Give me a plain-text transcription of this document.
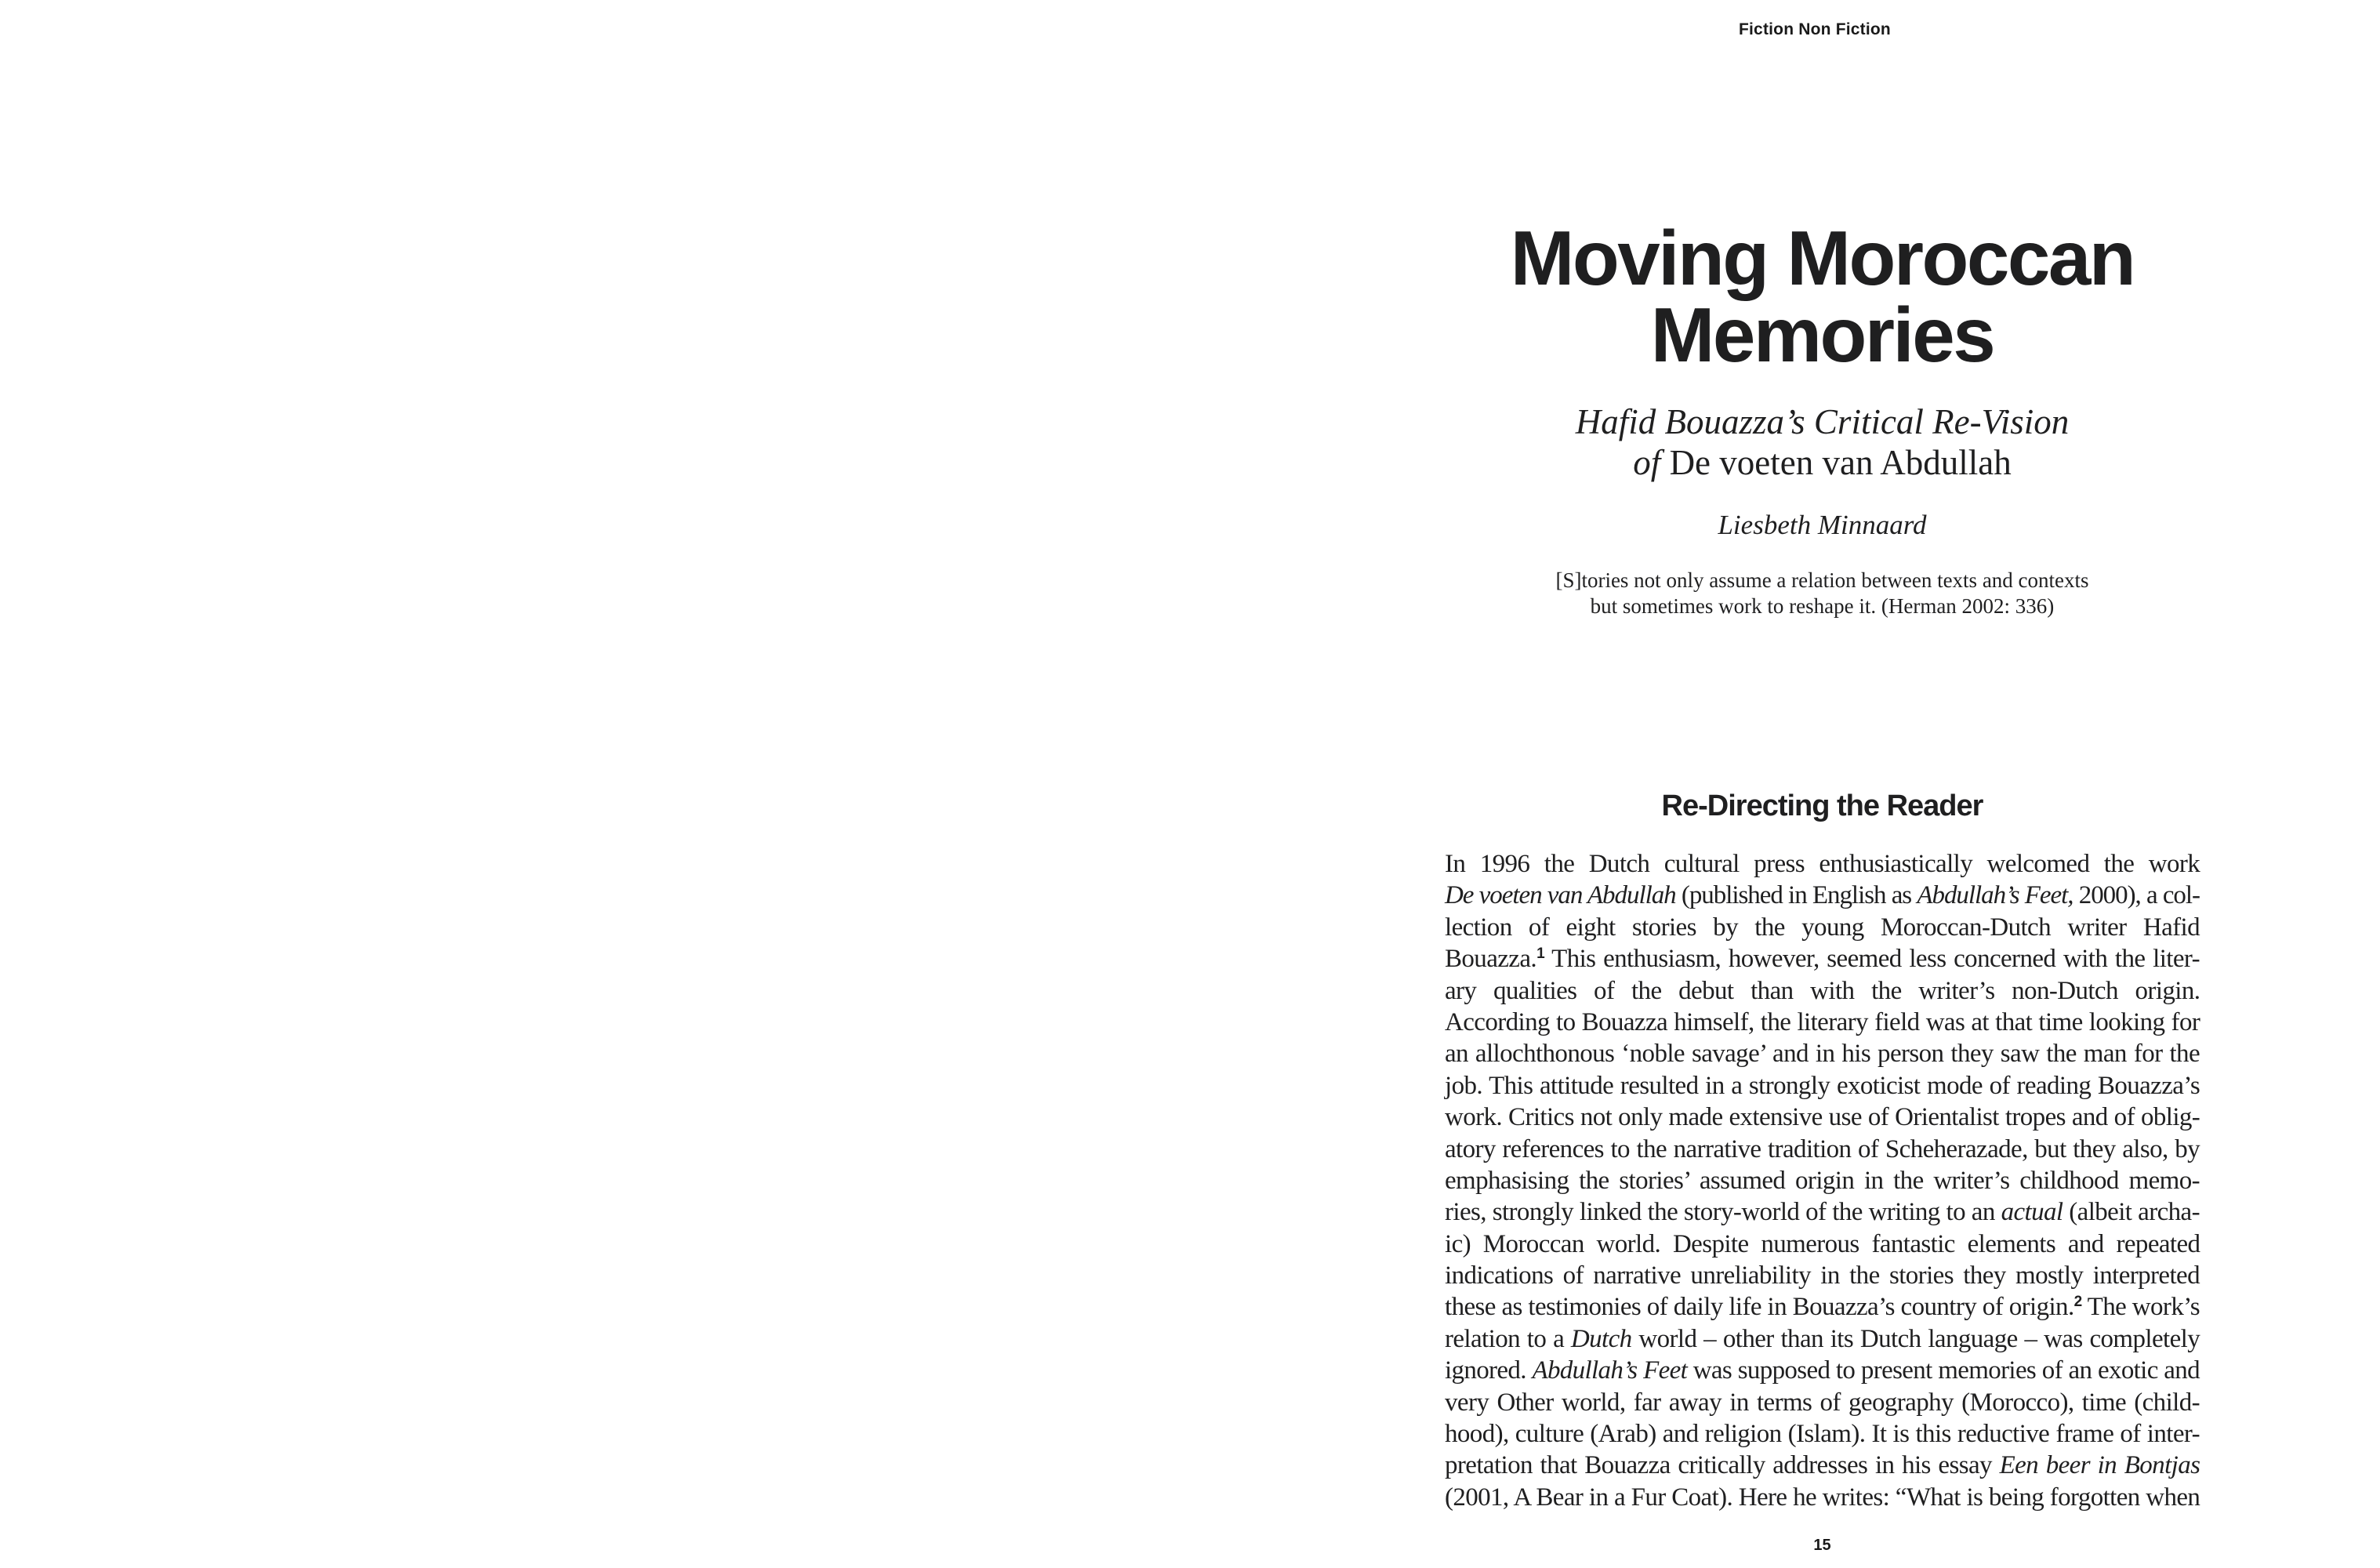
Fiction Non Fiction
Moving Moroccan
Memories
Hafid Bouazza’s Critical Re-Vision
of De voeten van Abdullah
Liesbeth Minnaard
[S]tories not only assume a relation between texts and contexts
but sometimes work to reshape it. (Herman 2002: 336)
Re-Directing the Reader
In 1996 the Dutch cultural press enthusiastically welcomed the work
De voeten van Abdullah (published in English as Abdullah’s Feet, 2000), a col-
lection of eight stories by the young Moroccan-Dutch writer Hafid
Bouazza.$^1$ This enthusiasm, however, seemed less concerned with the liter-
ary qualities of the debut than with the writer’s non-Dutch origin.
According to Bouazza himself, the literary field was at that time looking for
an allochthonous ‘noble savage’ and in his person they saw the man for the
job. This attitude resulted in a strongly exoticist mode of reading Bouazza’s
work. Critics not only made extensive use of Orientalist tropes and of oblig-
atory references to the narrative tradition of Scheherazade, but they also, by
emphasising the stories’ assumed origin in the writer’s childhood memo-
ries, strongly linked the story-world of the writing to an actual (albeit archa-
ic) Moroccan world. Despite numerous fantastic elements and repeated
indications of narrative unreliability in the stories they mostly interpreted
these as testimonies of daily life in Bouazza’s country of origin.$^2$ The work’s
relation to a Dutch world – other than its Dutch language – was completely
ignored. Abdullah’s Feet was supposed to present memories of an exotic and
very Other world, far away in terms of geography (Morocco), time (child-
hood), culture (Arab) and religion (Islam). It is this reductive frame of inter-
pretation that Bouazza critically addresses in his essay Een beer in Bontjas
(2001, A Bear in a Fur Coat). Here he writes: “What is being forgotten when
15
